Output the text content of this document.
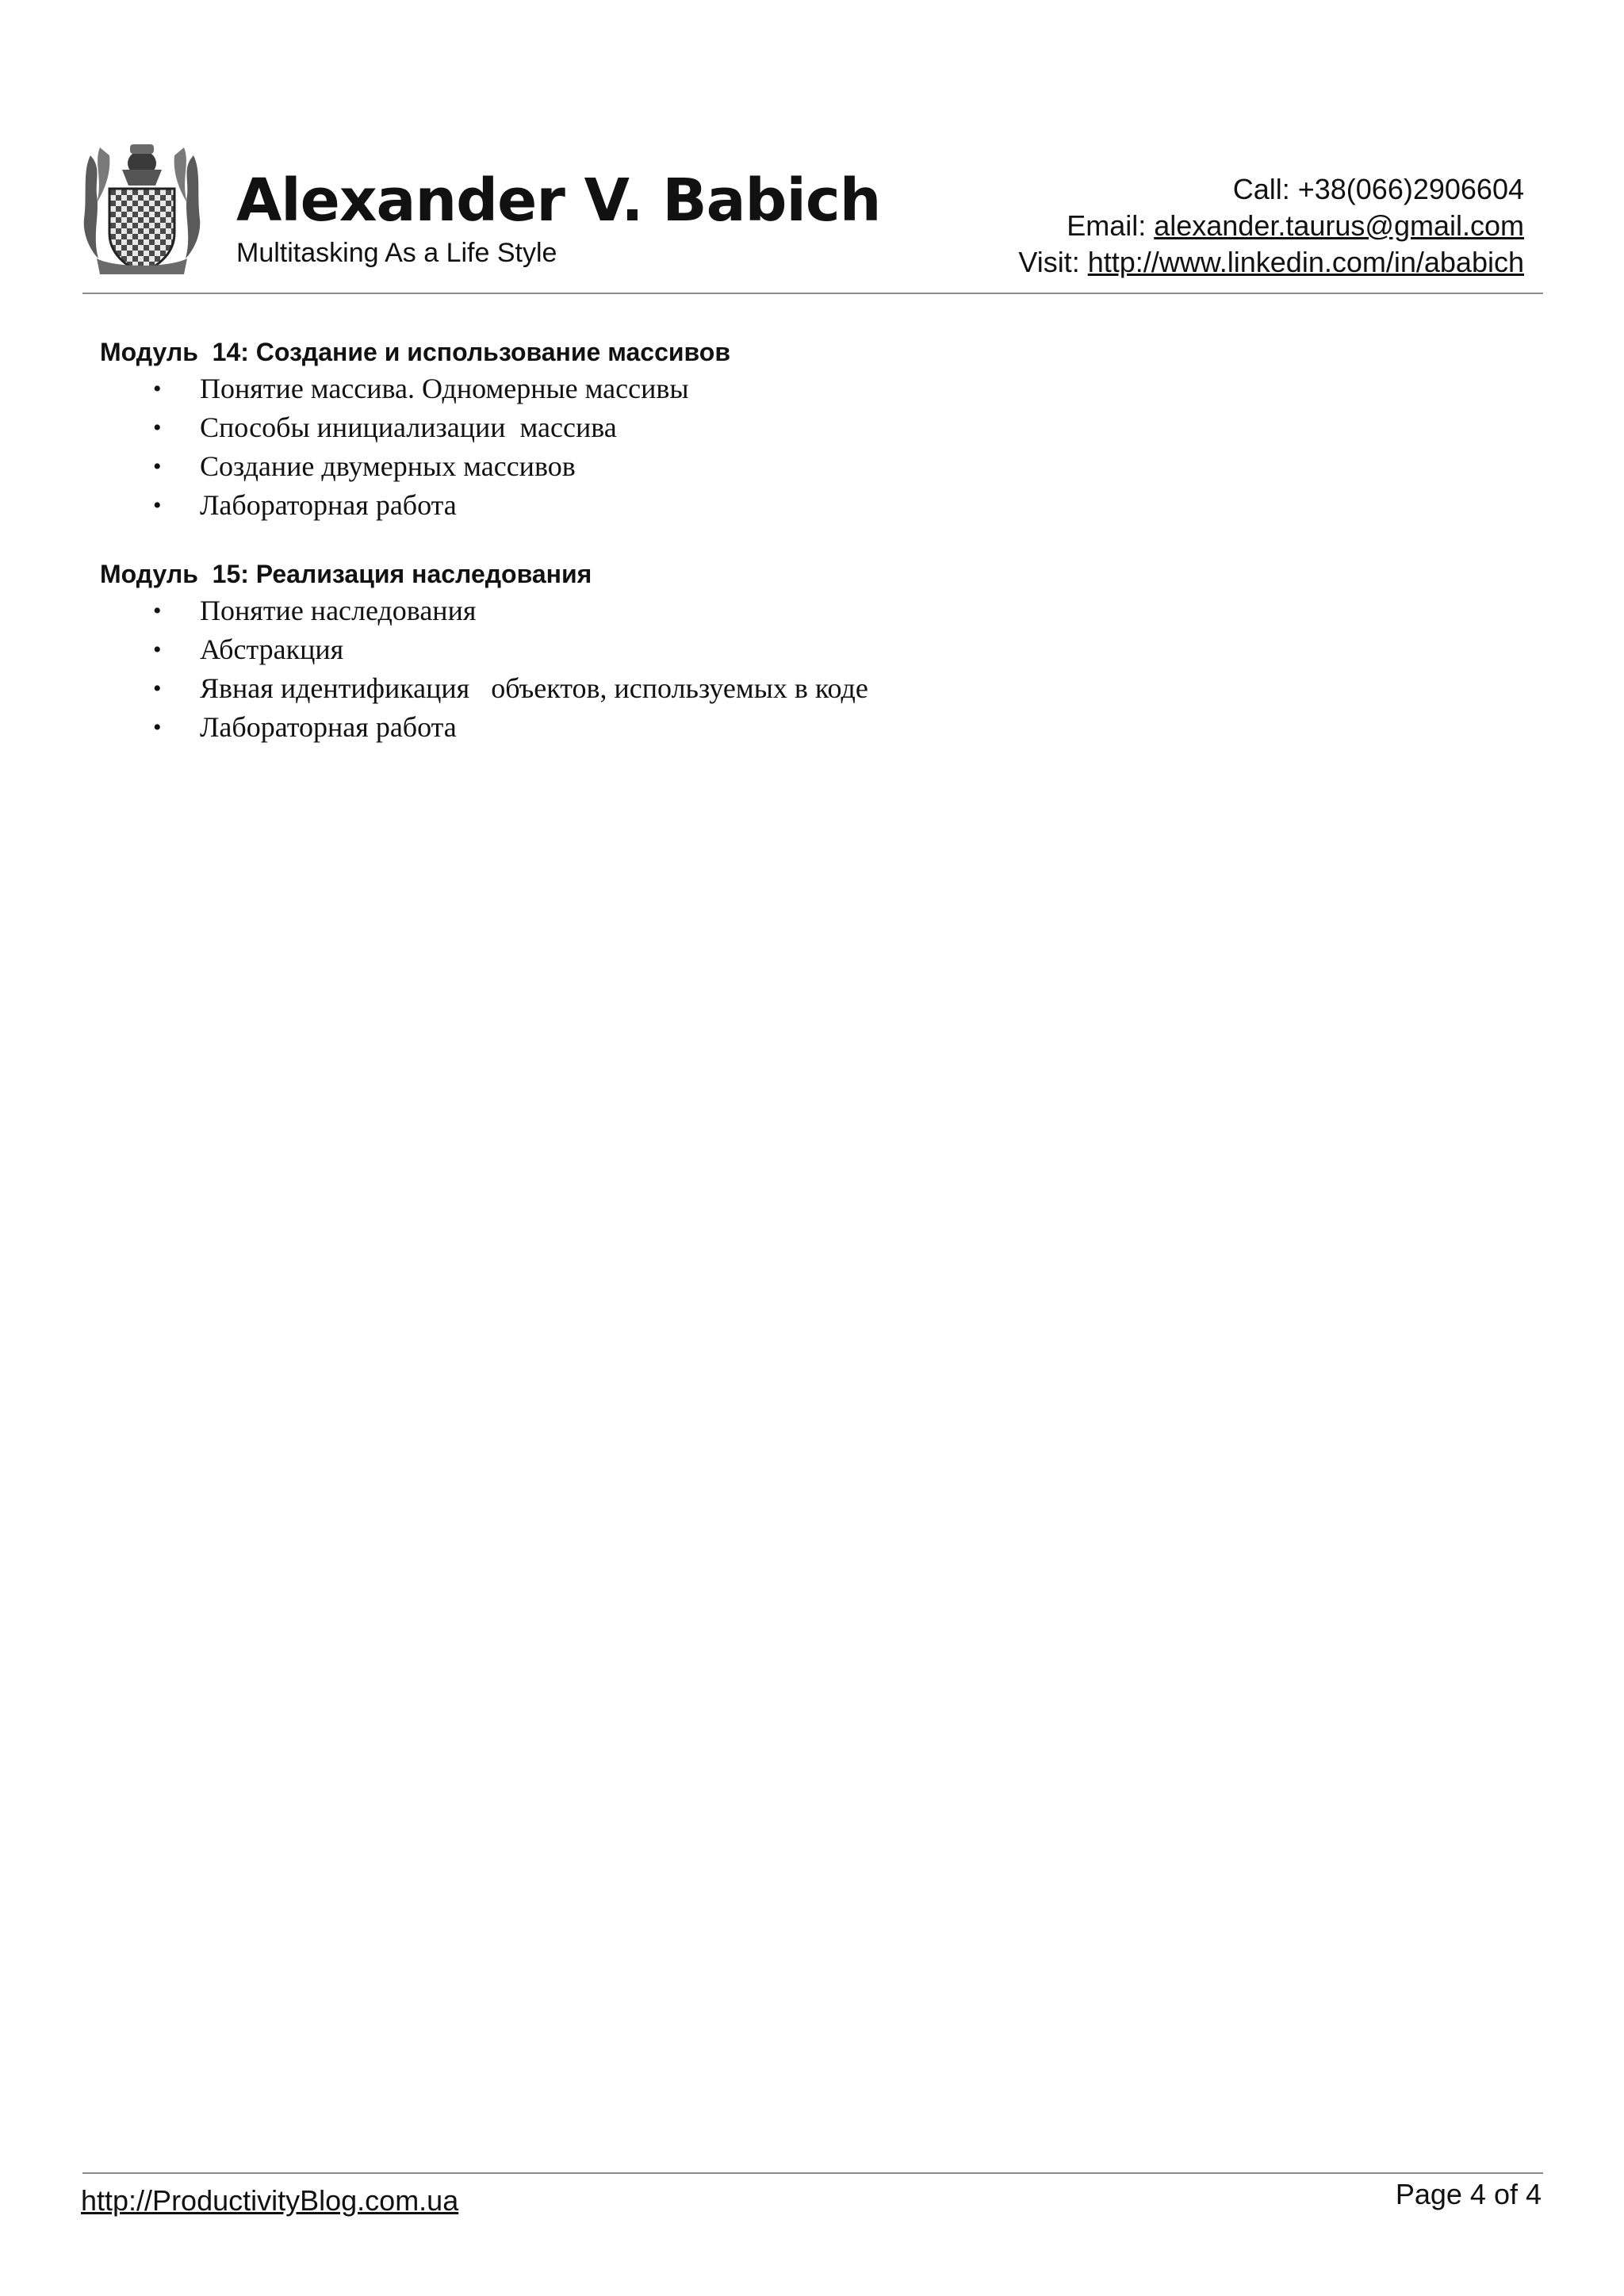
Alexander V. Babich
Multitasking As a Life Style
Call: +38(066)2906604
Email: alexander.taurus@gmail.com
Visit: http://www.linkedin.com/in/ababich
Модуль  14: Создание и использование массивов
• Понятие массива. Одномерные массивы
• Способы инициализации  массива
• Создание двумерных массивов
• Лабораторная работа
Модуль  15: Реализация наследования
• Понятие наследования
• Абстракция
• Явная идентификация   объектов, используемых в коде
• Лабораторная работа
http://ProductivityBlog.com.ua	Page 4 of 4
